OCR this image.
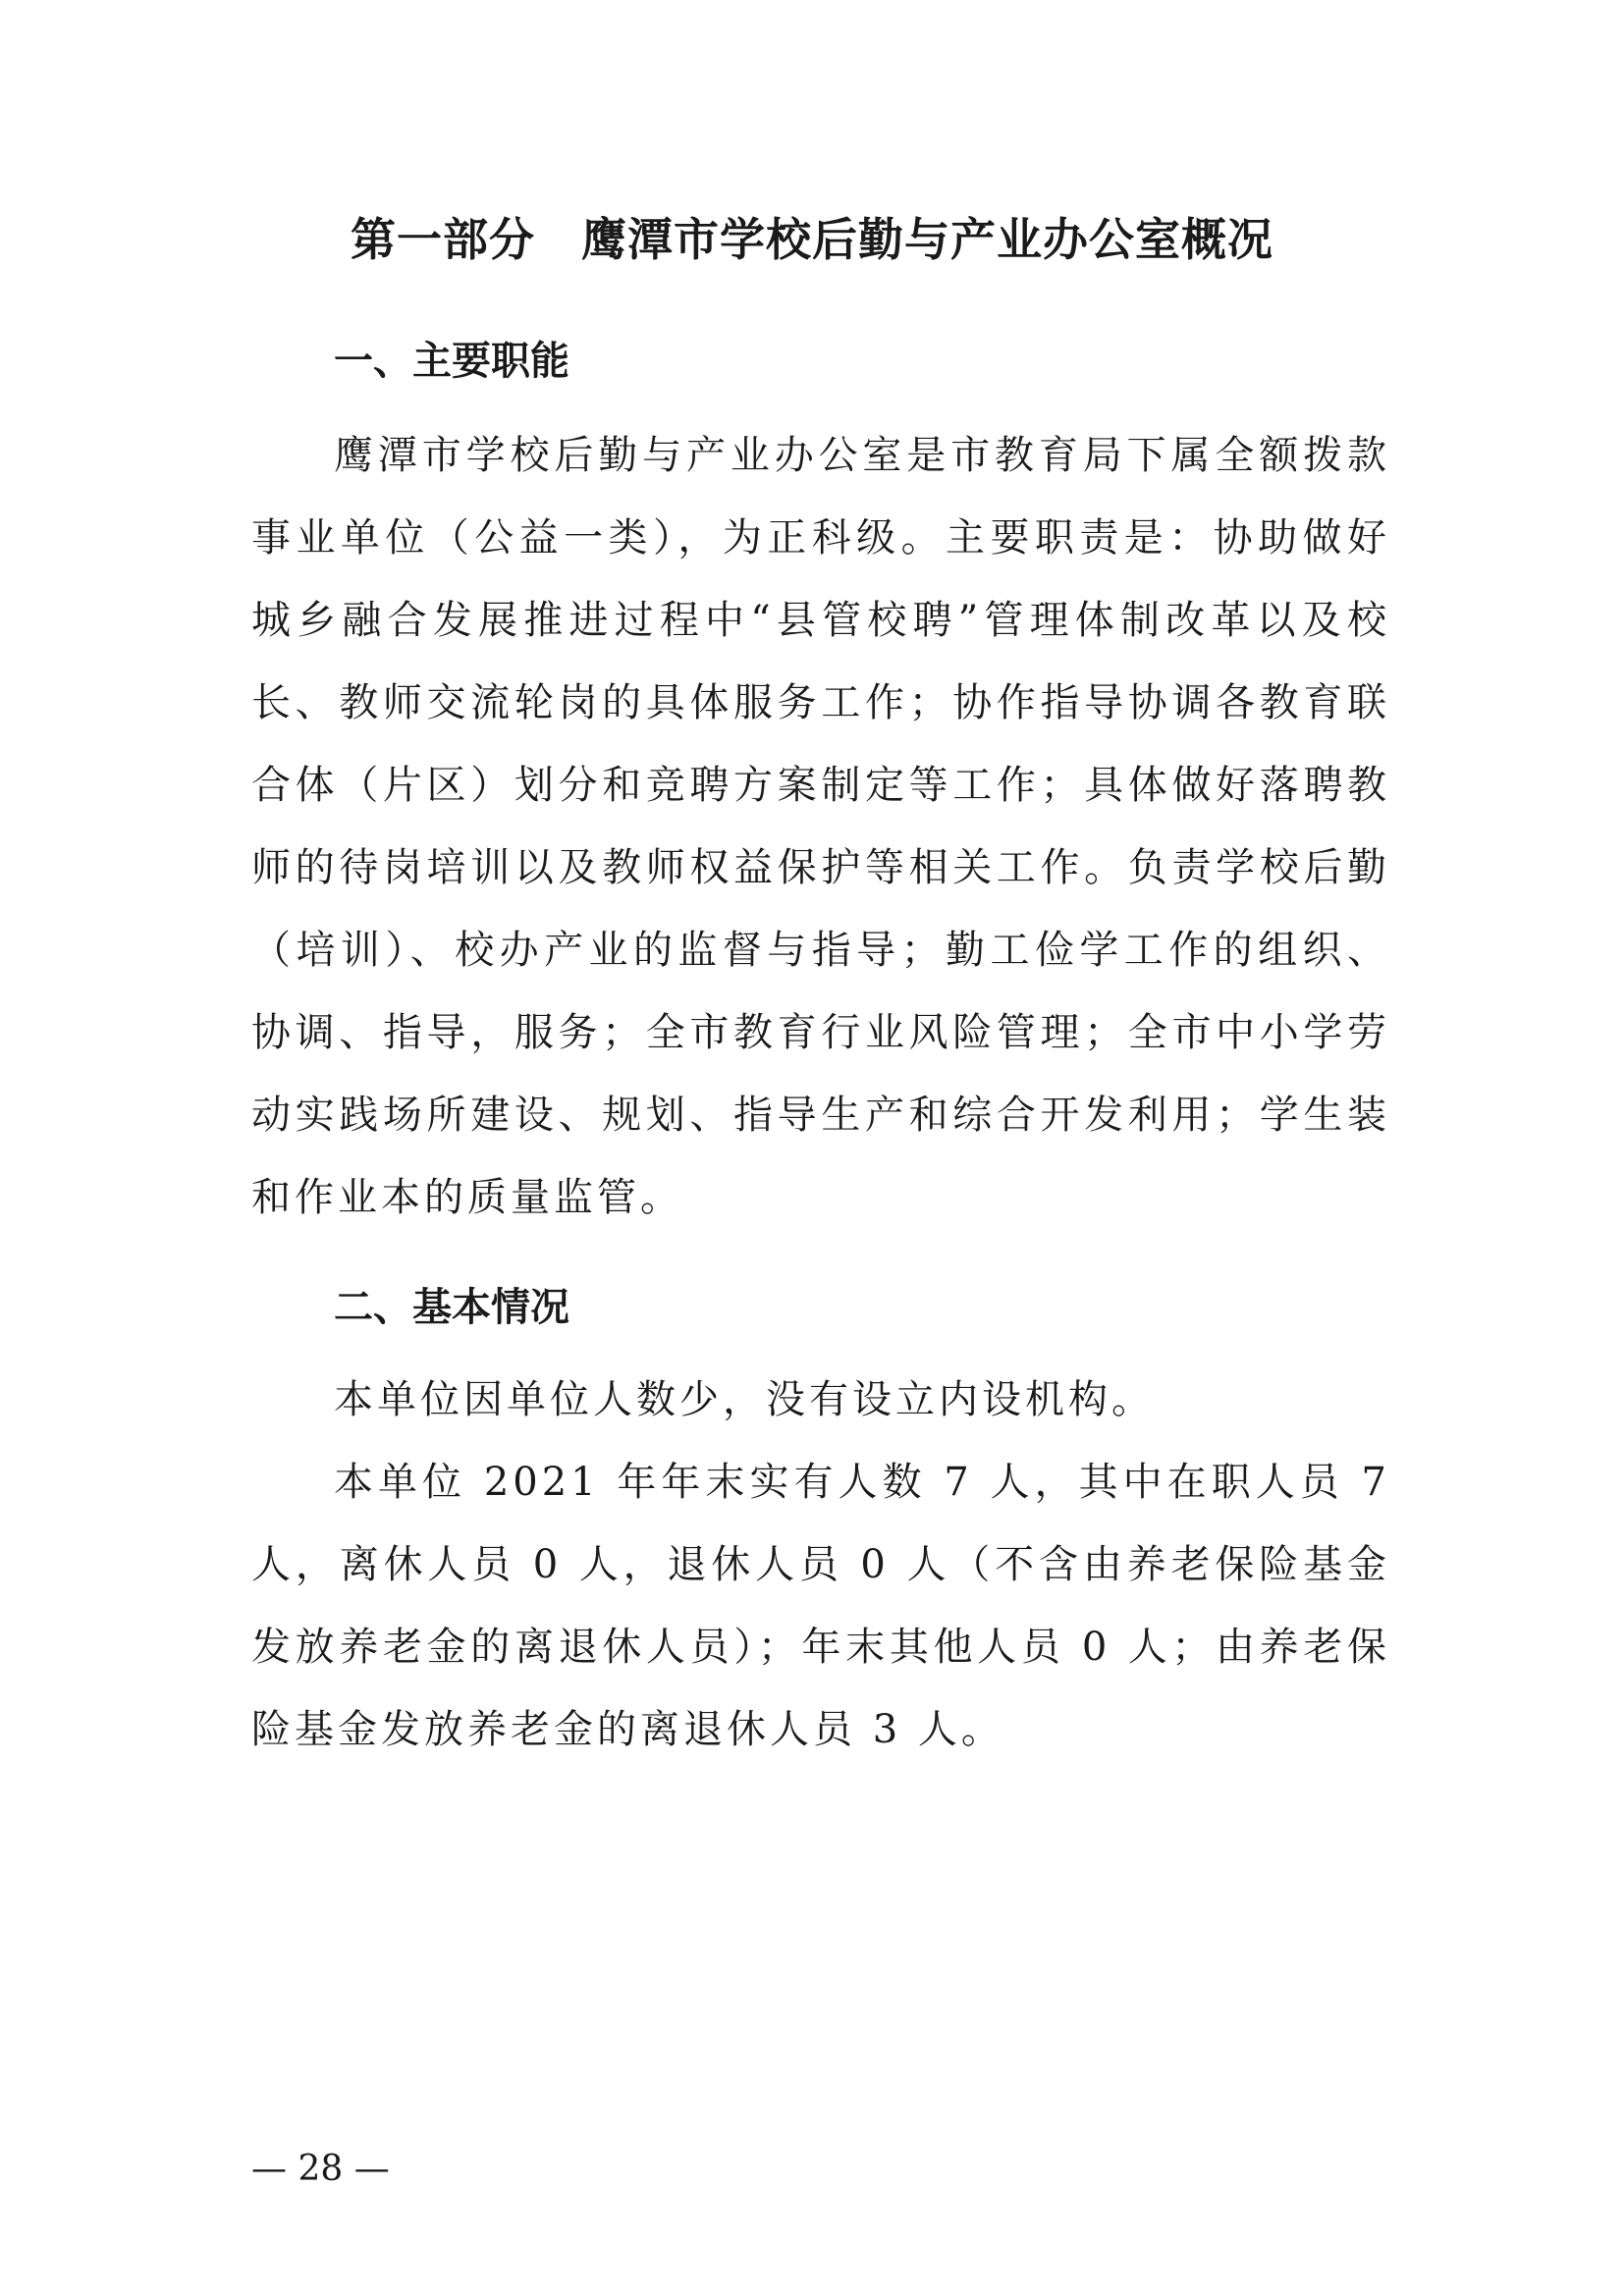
第一部分　鹰潭市学校后勤与产业办公室概况
一、主要职能

鹰潭市学校后勤与产业办公室是市教育局下属全额拨款事业单位（公益一类），为正科级。主要职责是：协助做好城乡融合发展推进过程中“县管校聘”管理体制改革以及校长、教师交流轮岗的具体服务工作；协作指导协调各教育联合体（片区）划分和竞聘方案制定等工作；具体做好落聘教师的待岗培训以及教师权益保护等相关工作。负责学校后勤（培训）、校办产业的监督与指导；勤工俭学工作的组织、协调、指导，服务；全市教育行业风险管理；全市中小学劳动实践场所建设、规划、指导生产和综合开发利用；学生装和作业本的质量监管。

二、基本情况

本单位因单位人数少，没有设立内设机构。

本单位 2021 年年末实有人数 7 人，其中在职人员 7 人，离休人员 0 人，退休人员 0 人（不含由养老保险基金发放养老金的离退休人员）；年末其他人员 0 人；由养老保险基金发放养老金的离退休人员 3 人。

— 28 —
